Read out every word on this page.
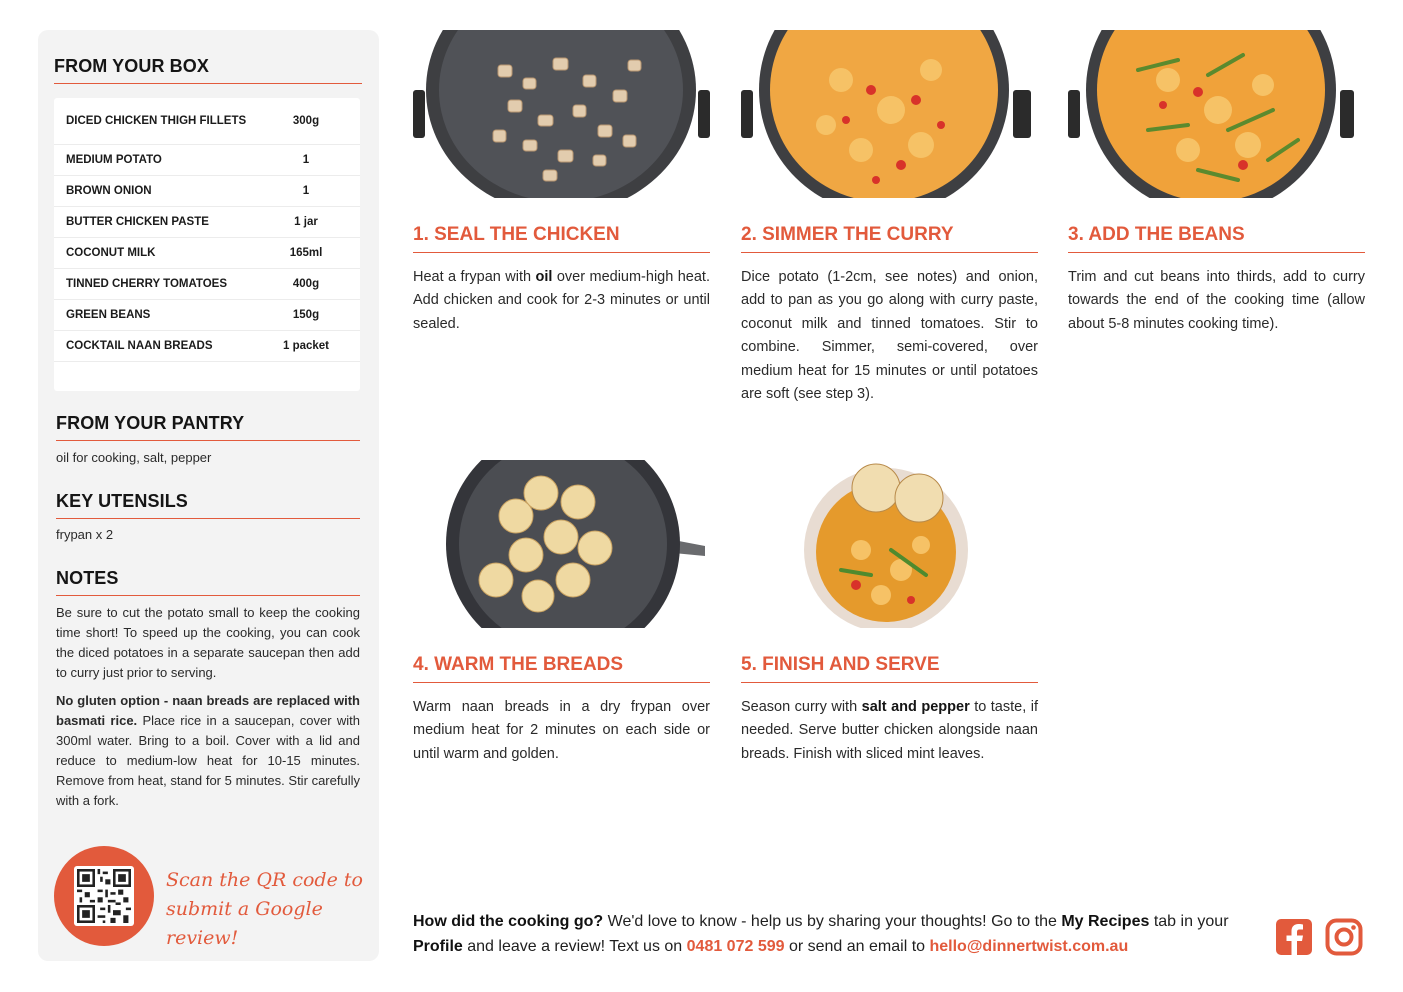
FROM YOUR BOX
DICED CHICKEN THIGH FILLETS	300g
MEDIUM POTATO	1
BROWN ONION	1
BUTTER CHICKEN PASTE	1 jar
COCONUT MILK	165ml
TINNED CHERRY TOMATOES	400g
GREEN BEANS	150g
COCKTAIL NAAN BREADS	1 packet
FROM YOUR PANTRY
oil for cooking, salt, pepper
KEY UTENSILS
frypan x 2
NOTES
Be sure to cut the potato small to keep the cooking time short! To speed up the cooking, you can cook the diced potatoes in a separate saucepan then add to curry just prior to serving.
No gluten option - naan breads are replaced with basmati rice. Place rice in a saucepan, cover with 300ml water. Bring to a boil. Cover with a lid and reduce to medium-low heat for 10-15 minutes. Remove from heat, stand for 5 minutes. Stir carefully with a fork.
Scan the QR code to
submit a Google review!
1. SEAL THE CHICKEN
Heat a frypan with oil over medium-high heat. Add chicken and cook for 2-3 minutes or until sealed.
2. SIMMER THE CURRY
Dice potato (1-2cm, see notes) and onion, add to pan as you go along with curry paste, coconut milk and tinned tomatoes. Stir to combine. Simmer, semi-covered, over medium heat for 15 minutes or until potatoes are soft (see step 3).
3. ADD THE BEANS
Trim and cut beans into thirds, add to curry towards the end of the cooking time (allow about 5-8 minutes cooking time).
4. WARM THE BREADS
Warm naan breads in a dry frypan over medium heat for 2 minutes on each side or until warm and golden.
5. FINISH AND SERVE
Season curry with salt and pepper to taste, if needed. Serve butter chicken alongside naan breads. Finish with sliced mint leaves.
How did the cooking go? We'd love to know - help us by sharing your thoughts! Go to the My Recipes tab in your Profile and leave a review! Text us on 0481 072 599 or send an email to hello@dinnertwist.com.au
